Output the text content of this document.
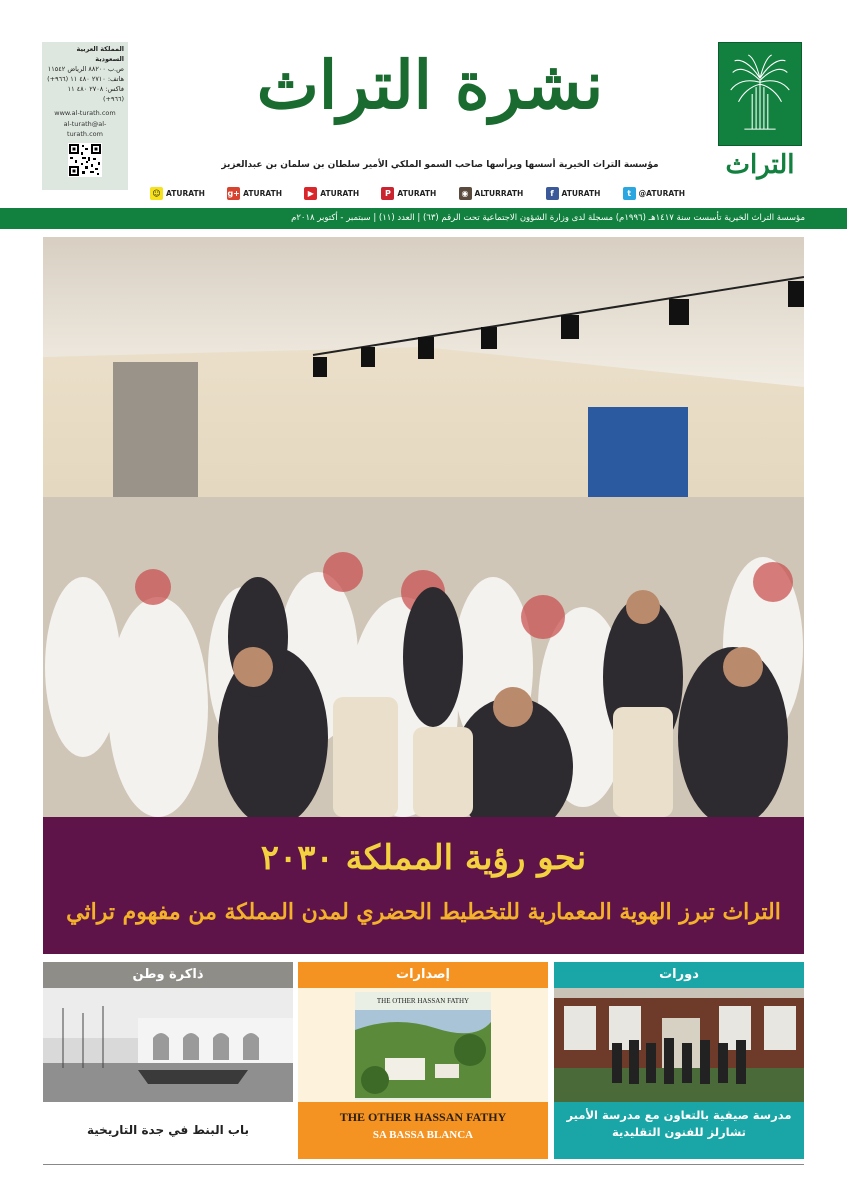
المملكة العربية السعودية
ص.ب ٨٨٢٠٠ الرياض ١١٥٤٢
هاتف: ٢٧١٠ ٤٨٠ ١١ (٩٦٦+)
فاكس: ٢٧٠٨ ٤٨٠ ١١ (٩٦٦+)
www.al-turath.com
al-turath@al-turath.com
التراث
نشرة التراث
مؤسسة التراث الخيرية أسسها ويرأسها صاحب السمو الملكي الأمير سلطان بن سلمان بن عبدالعزيز
☺ ATURATH	g+ ATURATH	▶ ATURATH	P ATURATH	◉ ALTURRATH	f	ATURATH	t	@ATURATH
مؤسسة التراث الخيرية تأسست سنة ١٤١٧هـ (١٩٩٦م) مسجلة لدى وزارة الشؤون الاجتماعية تحت الرقم (٦٣) | العدد (١١) | سبتمبر - أكتوبر ٢٠١٨م
نحو رؤية المملكة ٢٠٣٠
التراث تبرز الهوية المعمارية للتخطيط الحضري لمدن المملكة من مفهوم تراثي
دورات
مدرسة صيفية بالتعاون مع مدرسة الأمير تشارلز للفنون التقليدية
إصدارات
THE OTHER HASSAN FATHY
THE OTHER HASSAN FATHY
SA BASSA BLANCA
ذاكرة وطن
باب البنط في جدة التاريخية
